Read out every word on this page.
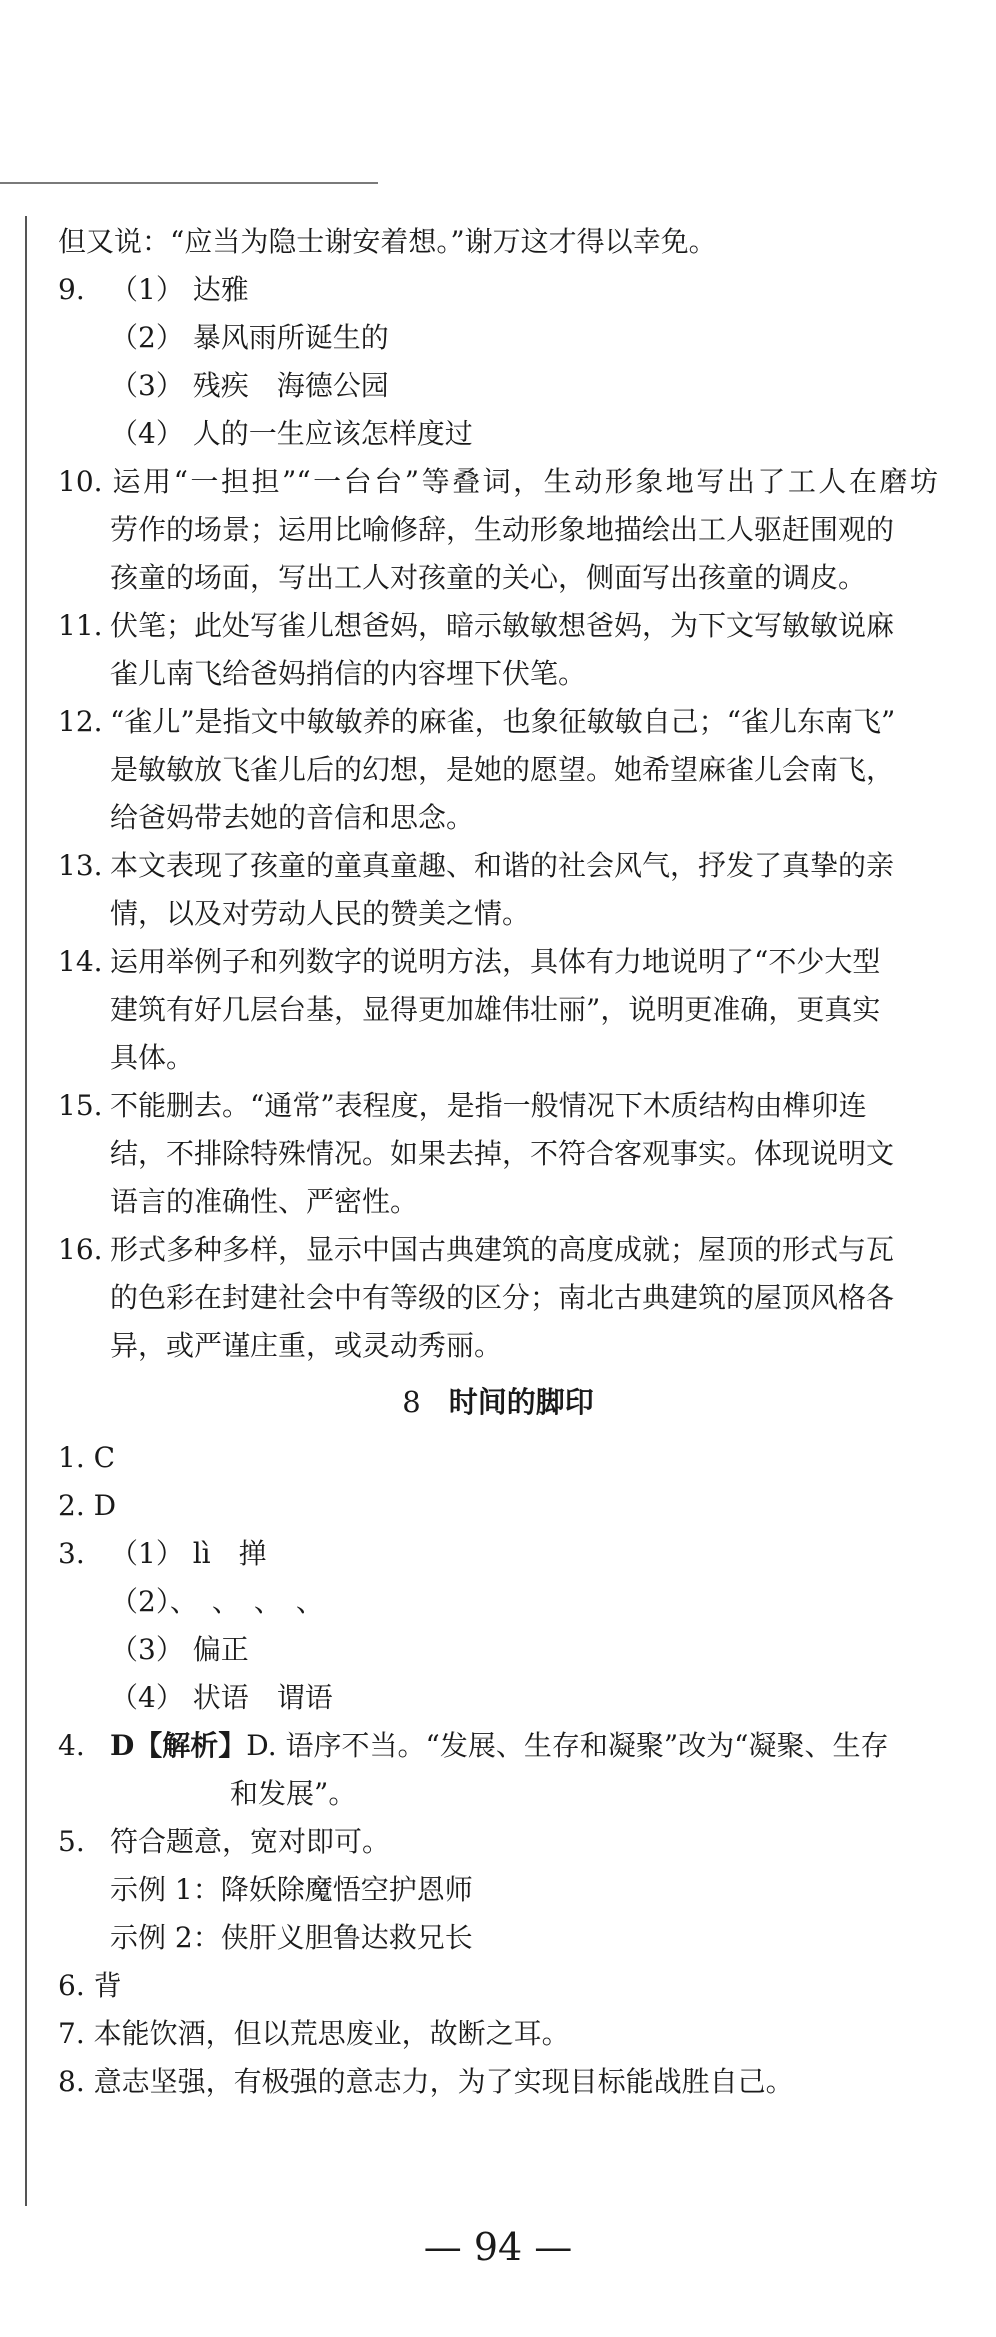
但又说：“应当为隐士谢安着想。”谢万这才得以幸免。
9. （1） 达雅
（2） 暴风雨所诞生的
（3） 残疾　海德公园
（4） 人的一生应该怎样度过
10. 运用“一担担”“一台台”等叠词，生动形象地写出了工人在磨坊
劳作的场景；运用比喻修辞，生动形象地描绘出工人驱赶围观的
孩童的场面，写出工人对孩童的关心，侧面写出孩童的调皮。
11. 伏笔；此处写雀儿想爸妈，暗示敏敏想爸妈，为下文写敏敏说麻
雀儿南飞给爸妈捎信的内容埋下伏笔。
12. “雀儿”是指文中敏敏养的麻雀，也象征敏敏自己；“雀儿东南飞”
是敏敏放飞雀儿后的幻想，是她的愿望。她希望麻雀儿会南飞，
给爸妈带去她的音信和思念。
13. 本文表现了孩童的童真童趣、和谐的社会风气，抒发了真挚的亲
情，以及对劳动人民的赞美之情。
14. 运用举例子和列数字的说明方法，具体有力地说明了“不少大型
建筑有好几层台基，显得更加雄伟壮丽”，说明更准确，更真实
具体。
15. 不能删去。“通常”表程度，是指一般情况下木质结构由榫卯连
结，不排除特殊情况。如果去掉，不符合客观事实。体现说明文
语言的准确性、严密性。
16. 形式多种多样，显示中国古典建筑的高度成就；屋顶的形式与瓦
的色彩在封建社会中有等级的区分；南北古典建筑的屋顶风格各
异，或严谨庄重，或灵动秀丽。
8 时间的脚印
1. C
2. D
3. （1） lì　掸
（2）、　、　、　、
（3） 偏正
（4） 状语　谓语
4. D【解析】D. 语序不当。“发展、生存和凝聚”改为“凝聚、生存
和发展”。
5. 符合题意，宽对即可。
示例 1：降妖除魔悟空护恩师
示例 2：侠肝义胆鲁达救兄长
6. 背
7. 本能饮酒，但以荒思废业，故断之耳。
8. 意志坚强，有极强的意志力，为了实现目标能战胜自己。
— 94 —
